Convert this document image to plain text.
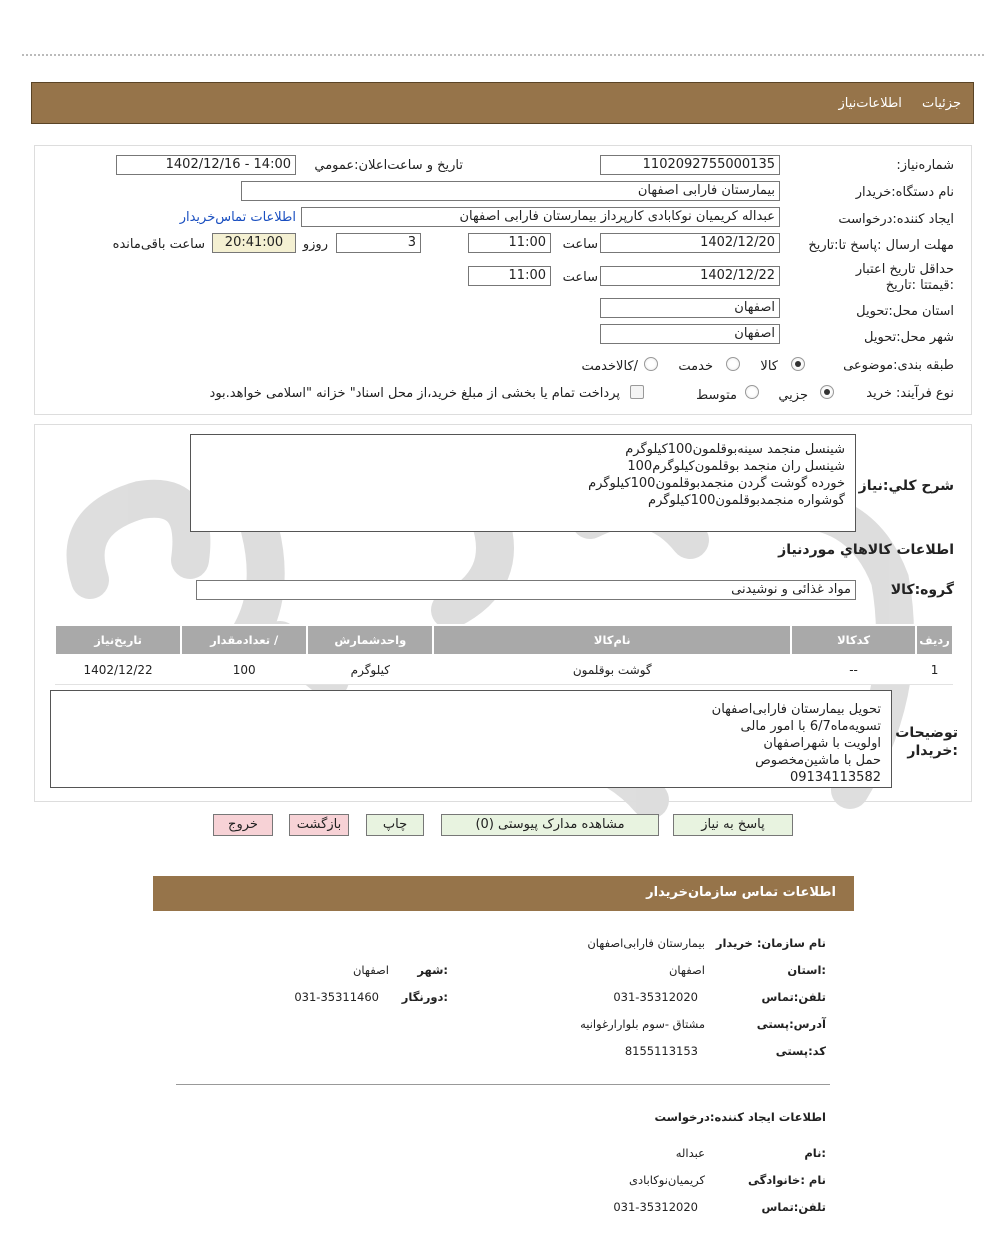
جزئیات اطلاعات‌نیاز
شماره‌نیاز:
1102092755000135
تاریخ و ساعت‌اعلان:عمومي
1402/12/16 - 14:00
نام دستگاه:خریدار
بیمارستان فارابی اصفهان
ایجاد کننده:درخواست
عبداله کریمیان نوکابادی کارپرداز بیمارستان فارابی اصفهان
اطلاعات تماس‌خریدار
مهلت ارسال :پاسخ تا:تاریخ
1402/12/20
ساعت
11:00
3
روزو
20:41:00
ساعت باقی‌مانده
حداقل تاریخ اعتبار :قیمتتا :تاریخ
1402/12/22
ساعت
11:00
استان محل:تحویل
اصفهان
شهر محل:تحویل
اصفهان
طبقه بندی:موضوعی
کالا
خدمت
/کالاخدمت
نوع فرآیند: خرید
جزیي
متوسط
پرداخت تمام یا بخشی از مبلغ خرید،از محل اسناد" خزانه "اسلامی خواهد.بود
شرح کلي:نیاز
شینسل منجمد سینه‌بوقلمون100کیلوگرم
شینسل ران منجمد بوقلمون‌کیلوگرم100
خورده گوشت گردن منجمدبوقلمون100کیلوگرم
گوشواره منجمدبوقلمون100کیلوگرم
اطلاعات کالاهاي موردنیاز
گروه:کالا
مواد غذائی و نوشیدنی
ردیف	کدکالا	نام‌کالا	واحدشمارش	/ تعدادمقدار	تاریخ‌نیاز
1	--	گوشت بوقلمون	کیلوگرم	100	1402/12/22
توضیحات :خریدار
تحویل بیمارستان فارابی‌اصفهان
تسویه‌ماه6/7 با امور مالی
اولویت با شهراصفهان
حمل با ماشین‌مخصوص
09134113582
پاسخ به نیاز
مشاهده مدارک پیوستی (0)
چاپ
بازگشت
خروج
اطلاعات تماس سازمان‌خریدار
نام سازمان: خریدار
بیمارستان فارابی‌اصفهان
:استان
اصفهان
:شهر
اصفهان
تلفن:تماس
031-35312020
:دورنگار
031-35311460
آدرس:پستی
مشتاق -سوم بلوارارغوانیه
کد:پستی
8155113153
اطلاعات ایجاد کننده:درخواست
:نام
عبداله
نام :خانوادگی
کریمیان‌نوکابادی
تلفن:تماس
031-35312020
